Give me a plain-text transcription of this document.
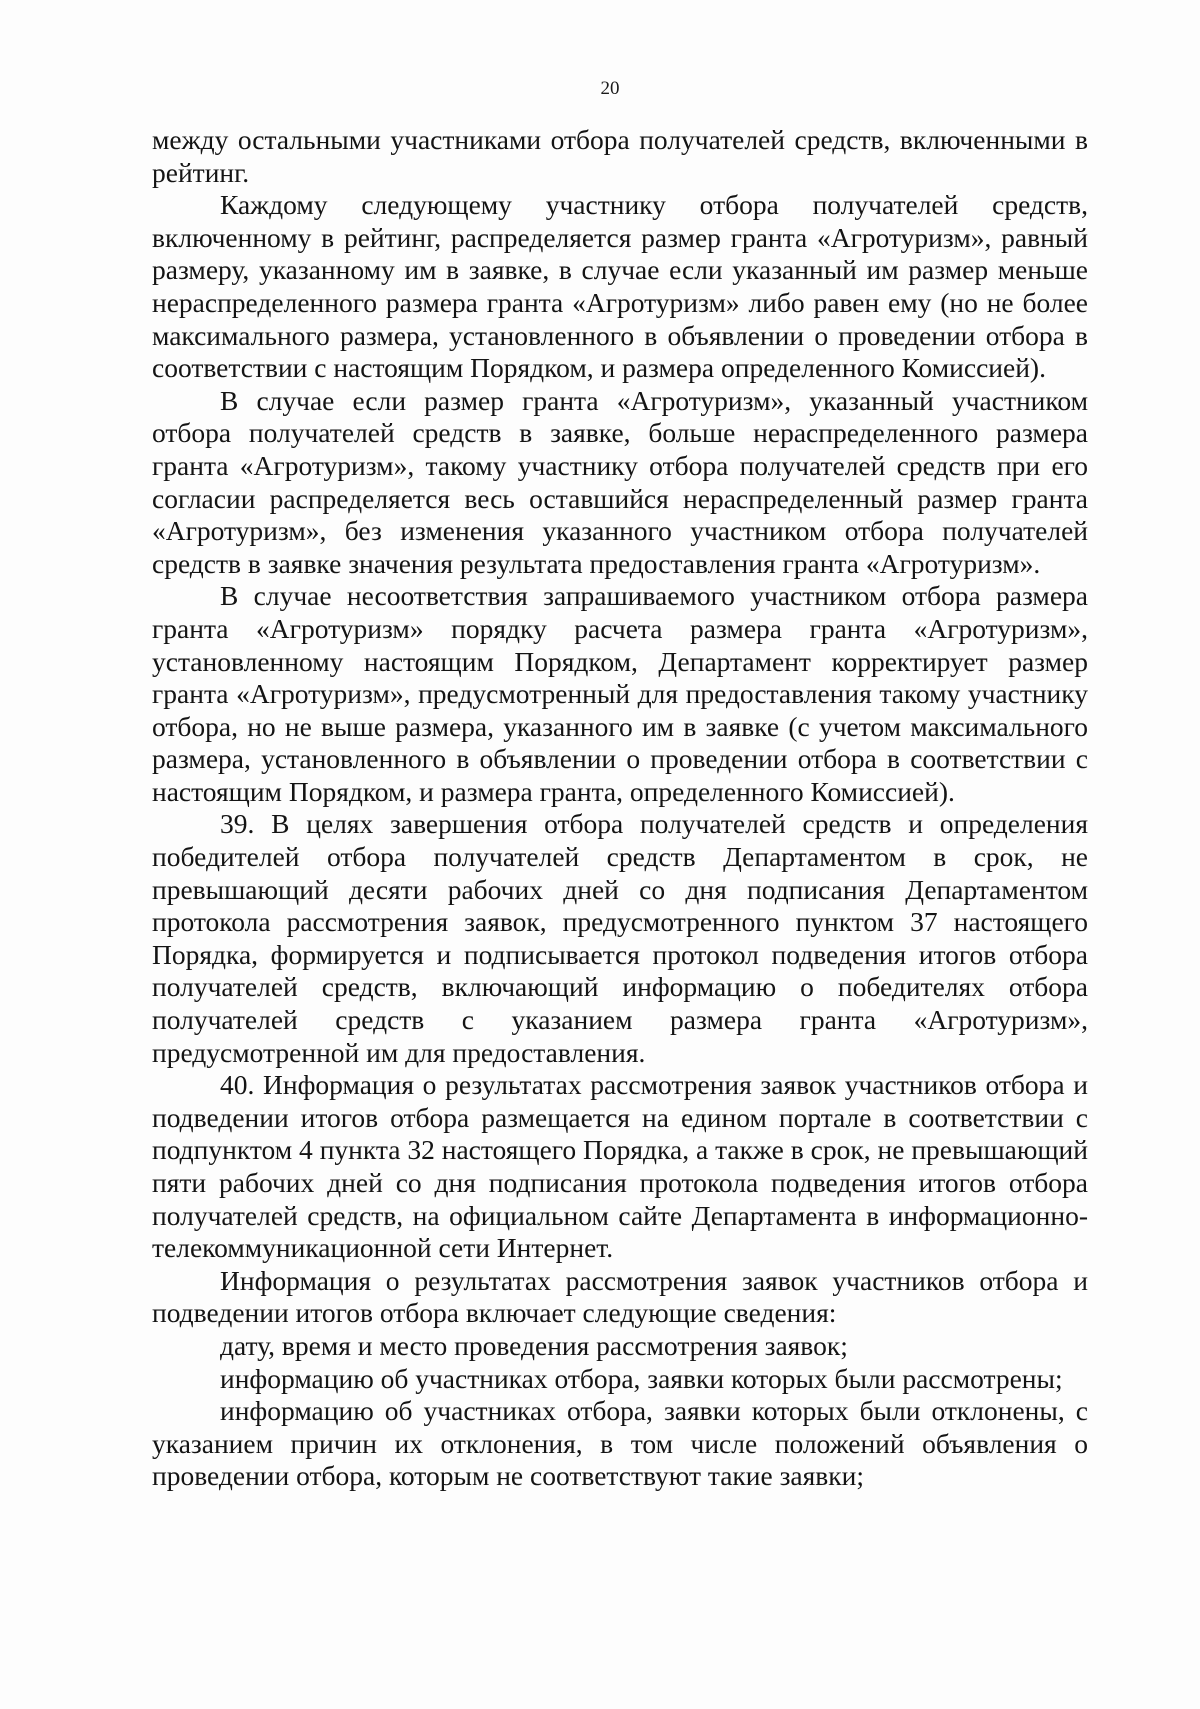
20

между остальными участниками отбора получателей средств, включенными в рейтинг.

Каждому следующему участнику отбора получателей средств, включенному в рейтинг, распределяется размер гранта «Агротуризм», равный размеру, указанному им в заявке, в случае если указанный им размер меньше нераспределенного размера гранта «Агротуризм» либо равен ему (но не более максимального размера, установленного в объявлении о проведении отбора в соответствии с настоящим Порядком, и размера определенного Комиссией).

В случае если размер гранта «Агротуризм», указанный участником отбора получателей средств в заявке, больше нераспределенного размера гранта «Агротуризм», такому участнику отбора получателей средств при его согласии распределяется весь оставшийся нераспределенный размер гранта «Агротуризм», без изменения указанного участником отбора получателей средств в заявке значения результата предоставления гранта «Агротуризм».

В случае несоответствия запрашиваемого участником отбора размера гранта «Агротуризм» порядку расчета размера гранта «Агротуризм», установленному настоящим Порядком, Департамент корректирует размер гранта «Агротуризм», предусмотренный для предоставления такому участнику отбора, но не выше размера, указанного им в заявке (с учетом максимального размера, установленного в объявлении о проведении отбора в соответствии с настоящим Порядком, и размера гранта, определенного Комиссией).

39. В целях завершения отбора получателей средств и определения победителей отбора получателей средств Департаментом в срок, не превышающий десяти рабочих дней со дня подписания Департаментом протокола рассмотрения заявок, предусмотренного пунктом 37 настоящего Порядка, формируется и подписывается протокол подведения итогов отбора получателей средств, включающий информацию о победителях отбора получателей средств с указанием размера гранта «Агротуризм», предусмотренной им для предоставления.

40. Информация о результатах рассмотрения заявок участников отбора и подведении итогов отбора размещается на едином портале в соответствии с подпунктом 4 пункта 32 настоящего Порядка, а также в срок, не превышающий пяти рабочих дней со дня подписания протокола подведения итогов отбора получателей средств, на официальном сайте Департамента в информационно-телекоммуникационной сети Интернет.

Информация о результатах рассмотрения заявок участников отбора и подведении итогов отбора включает следующие сведения:

дату, время и место проведения рассмотрения заявок;

информацию об участниках отбора, заявки которых были рассмотрены;

информацию об участниках отбора, заявки которых были отклонены, с указанием причин их отклонения, в том числе положений объявления о проведении отбора, которым не соответствуют такие заявки;
